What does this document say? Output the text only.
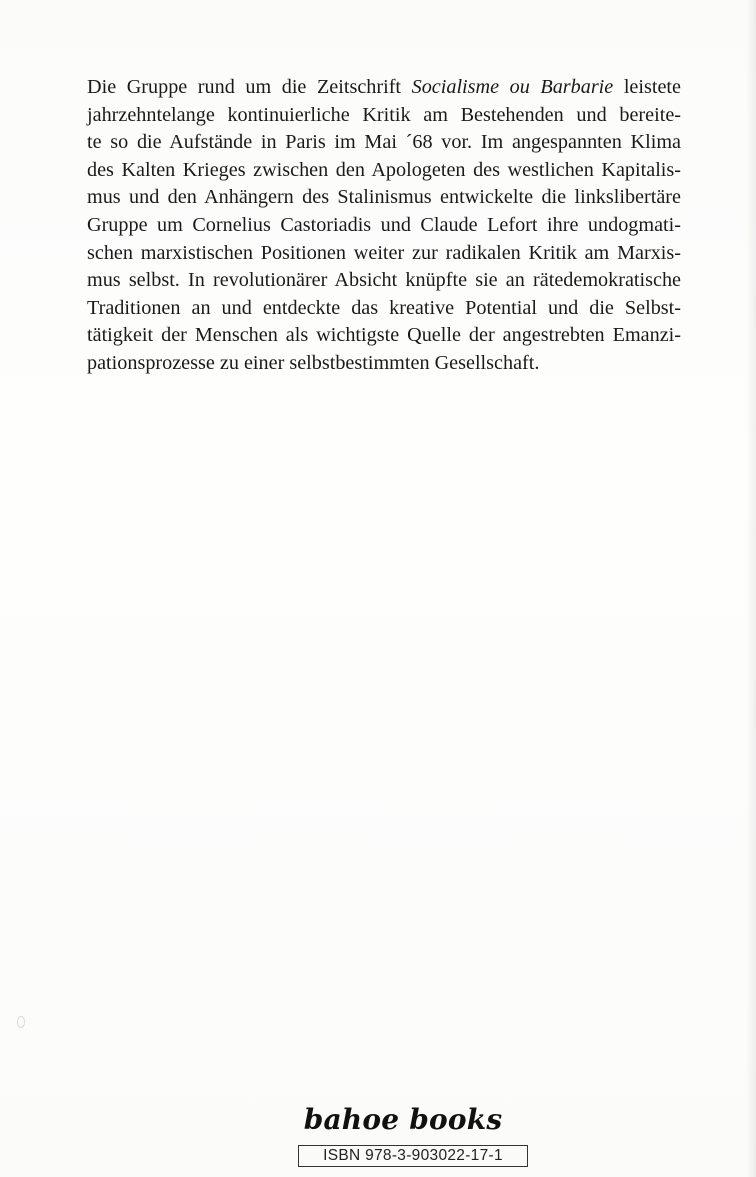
Die Gruppe rund um die Zeitschrift Socialisme ou Barbarie leistete
jahrzehntelange kontinuierliche Kritik am Bestehenden und bereite-
te so die Aufstände in Paris im Mai ´68 vor. Im angespannten Klima
des Kalten Krieges zwischen den Apologeten des westlichen Kapitalis-
mus und den Anhängern des Stalinismus entwickelte die linkslibertäre
Gruppe um Cornelius Castoriadis und Claude Lefort ihre undogmati-
schen marxistischen Positionen weiter zur radikalen Kritik am Marxis-
mus selbst. In revolutionärer Absicht knüpfte sie an rätedemokratische
Traditionen an und entdeckte das kreative Potential und die Selbst-
tätigkeit der Menschen als wichtigste Quelle der angestrebten Emanzi-
pationsprozesse zu einer selbstbestimmten Gesellschaft.
bahoe books
ISBN 978-3-903022-17-1
